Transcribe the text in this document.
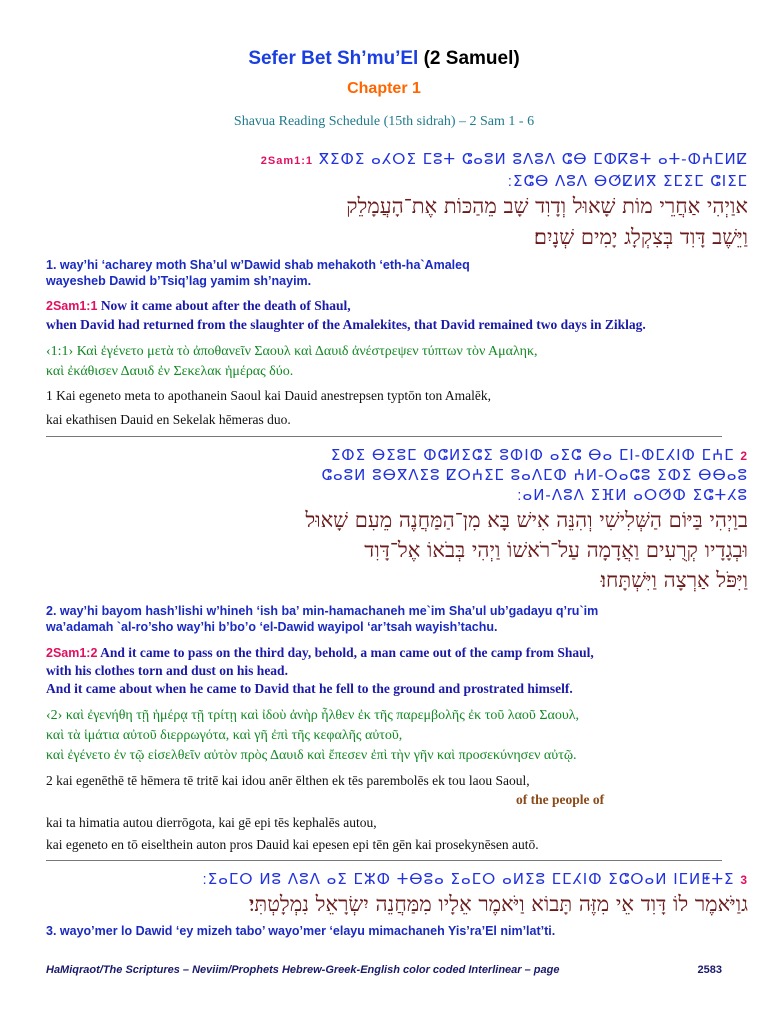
Sefer Bet Sh’mu’El (2 Samuel)
Chapter 1
Shavua Reading Schedule (15th sidrah) – 2 Sam 1 - 6
2Sam1:1 ⴳⵉⵀⵉ ⴰⵃⵔⵉ ⵎⵓⵜ ⵛⴰⵓⵍ ⵓⴷⵓⴷ ⵛⴱ ⵎⵀⴽⵓⵜ ⴰⵜ-ⵀⵄⵎⵍⵇ
ⵉⵛⴱ ⴷⵓⴷ ⴱⵚⵇⵍⴳ ⵉⵎⵉⵎ ⵛⵏⵉⵎ׃
אוַיְהִי אַחֲרֵי מוֹת שָׁאוּל וְדָוִד שָׁב מֵהַכּוֹת אֶת־הָעֲמָלֵק
וַיֵּשֶׁב דָּוִד בְּצִקְלָג יָמִים שְׁנָיִם׃
1. way’hi ‘acharey moth Sha’ul w’Dawid shab mehakoth ‘eth-ha`Amaleq
wayesheb Dawid b’Tsiq’lag yamim sh’nayim.
2Sam1:1 Now it came about after the death of Shaul,
when David had returned from the slaughter of the Amalekites, that David remained two days in Ziklag.
‹1:1› Καὶ ἐγένετο μετὰ τὸ ἀποθανεῖν Σαουλ καὶ Δαυιδ ἀνέστρεψεν τύπτων τὸν Αμαληκ,
καὶ ἐκάθισεν Δαυιδ ἐν Σεκελακ ἡμέρας δύο.
1 Kai egeneto meta to apothanein Saoul kai Dauid anestrepsen typtōn ton Amalēk,
kai ekathisen Dauid en Sekelak hēmeras duo.
2 ⵉⵀⵉ ⴱⵉⵓⵎ ⵀⵛⵍⵉⵛⵉ ⵓⵀⵏⵀ ⴰⵉⵛ ⴱⴰ ⵎⵏ-ⵀⵎⵃⵏⵀ ⵎⵄⵎ
ⵛⴰⵓⵍ ⵓⴱⴳⴷⵉⵓ ⵇⵔⵄⵉⵎ ⵓⴰⴷⵎⵀ ⵄⵍ-ⵔⴰⵛⵓ ⵉⵀⵉ ⴱⴱⴰⵓ
ⴰⵍ-ⴷⵓⴷ ⵉⴼⵍ ⴰⵔⵚⵀ ⵉⵛⵜⵃⵓ׃
בוַיְהִי בַּיּוֹם הַשְּׁלִישִׁי וְהִנֵּה אִישׁ בָּא מִן־הַמַּחֲנֶה מֵעִם שָׁאוּל
וּבְגָדָיו קְרֻעִים וַאֲדָמָה עַל־רֹאשׁוֹ וַיְהִי בְּבֹאוֹ אֶל־דָּוִד
וַיִּפֹּל אַרְצָה וַיִּשְׁתָּחוּ׃
2. way’hi bayom hash’lishi w’hineh ‘ish ba’ min-hamachaneh me`im Sha’ul ub’gadayu q’ru`im
wa’adamah `al-ro’sho way’hi b’bo’o ‘el-Dawid wayipol ‘ar’tsah wayish’tachu.
2Sam1:2 And it came to pass on the third day, behold, a man came out of the camp from Shaul,
with his clothes torn and dust on his head.
And it came about when he came to David that he fell to the ground and prostrated himself.
‹2› καὶ ἐγενήθη τῇ ἡμέρᾳ τῇ τρίτῃ καὶ ἰδοὺ ἀνὴρ ἦλθεν ἐκ τῆς παρεμβολῆς ἐκ τοῦ λαοῦ Σαουλ,
καὶ τὰ ἱμάτια αὐτοῦ διερρωγότα, καὶ γῆ ἐπὶ τῆς κεφαλῆς αὐτοῦ,
καὶ ἐγένετο ἐν τῷ εἰσελθεῖν αὐτὸν πρὸς Δαυιδ καὶ ἔπεσεν ἐπὶ τὴν γῆν καὶ προσεκύνησεν αὐτῷ.
2 kai egenēthē tē hēmera tē tritē kai idou anēr ēlthen ek tēs parembolēs ek tou laou Saoul,
of the people of
kai ta himatia autou dierrōgota, kai gē epi tēs kephalēs autou,
kai egeneto en tō eiselthein auton pros Dauid kai epesen epi tēn gēn kai prosekynēsen autō.
3 ⵉⴰⵎⵔ ⵍⵓ ⴷⵓⴷ ⴰⵉ ⵎⵣⵀ ⵜⴱⵓⴰ ⵉⴰⵎⵔ ⴰⵍⵉⵓ ⵎⵎⵃⵏⵀ ⵉⵛⵔⴰⵍ ⵏⵎⵍⵟⵜⵉ׃
גוַיֹּאמֶר לוֹ דָּוִד אֵי מִזֶּה תָּבוֹא וַיֹּאמֶר אֵלָיו מִמַּחֲנֵה יִשְׂרָאֵל נִמְלָטְתִּי׃
3. wayo’mer lo Dawid ‘ey mizeh tabo’ wayo’mer ‘elayu mimachaneh Yis’ra’El nim’lat’ti.
HaMiqraot/The Scriptures – Neviim/Prophets Hebrew-Greek-English color coded Interlinear – page	2583
